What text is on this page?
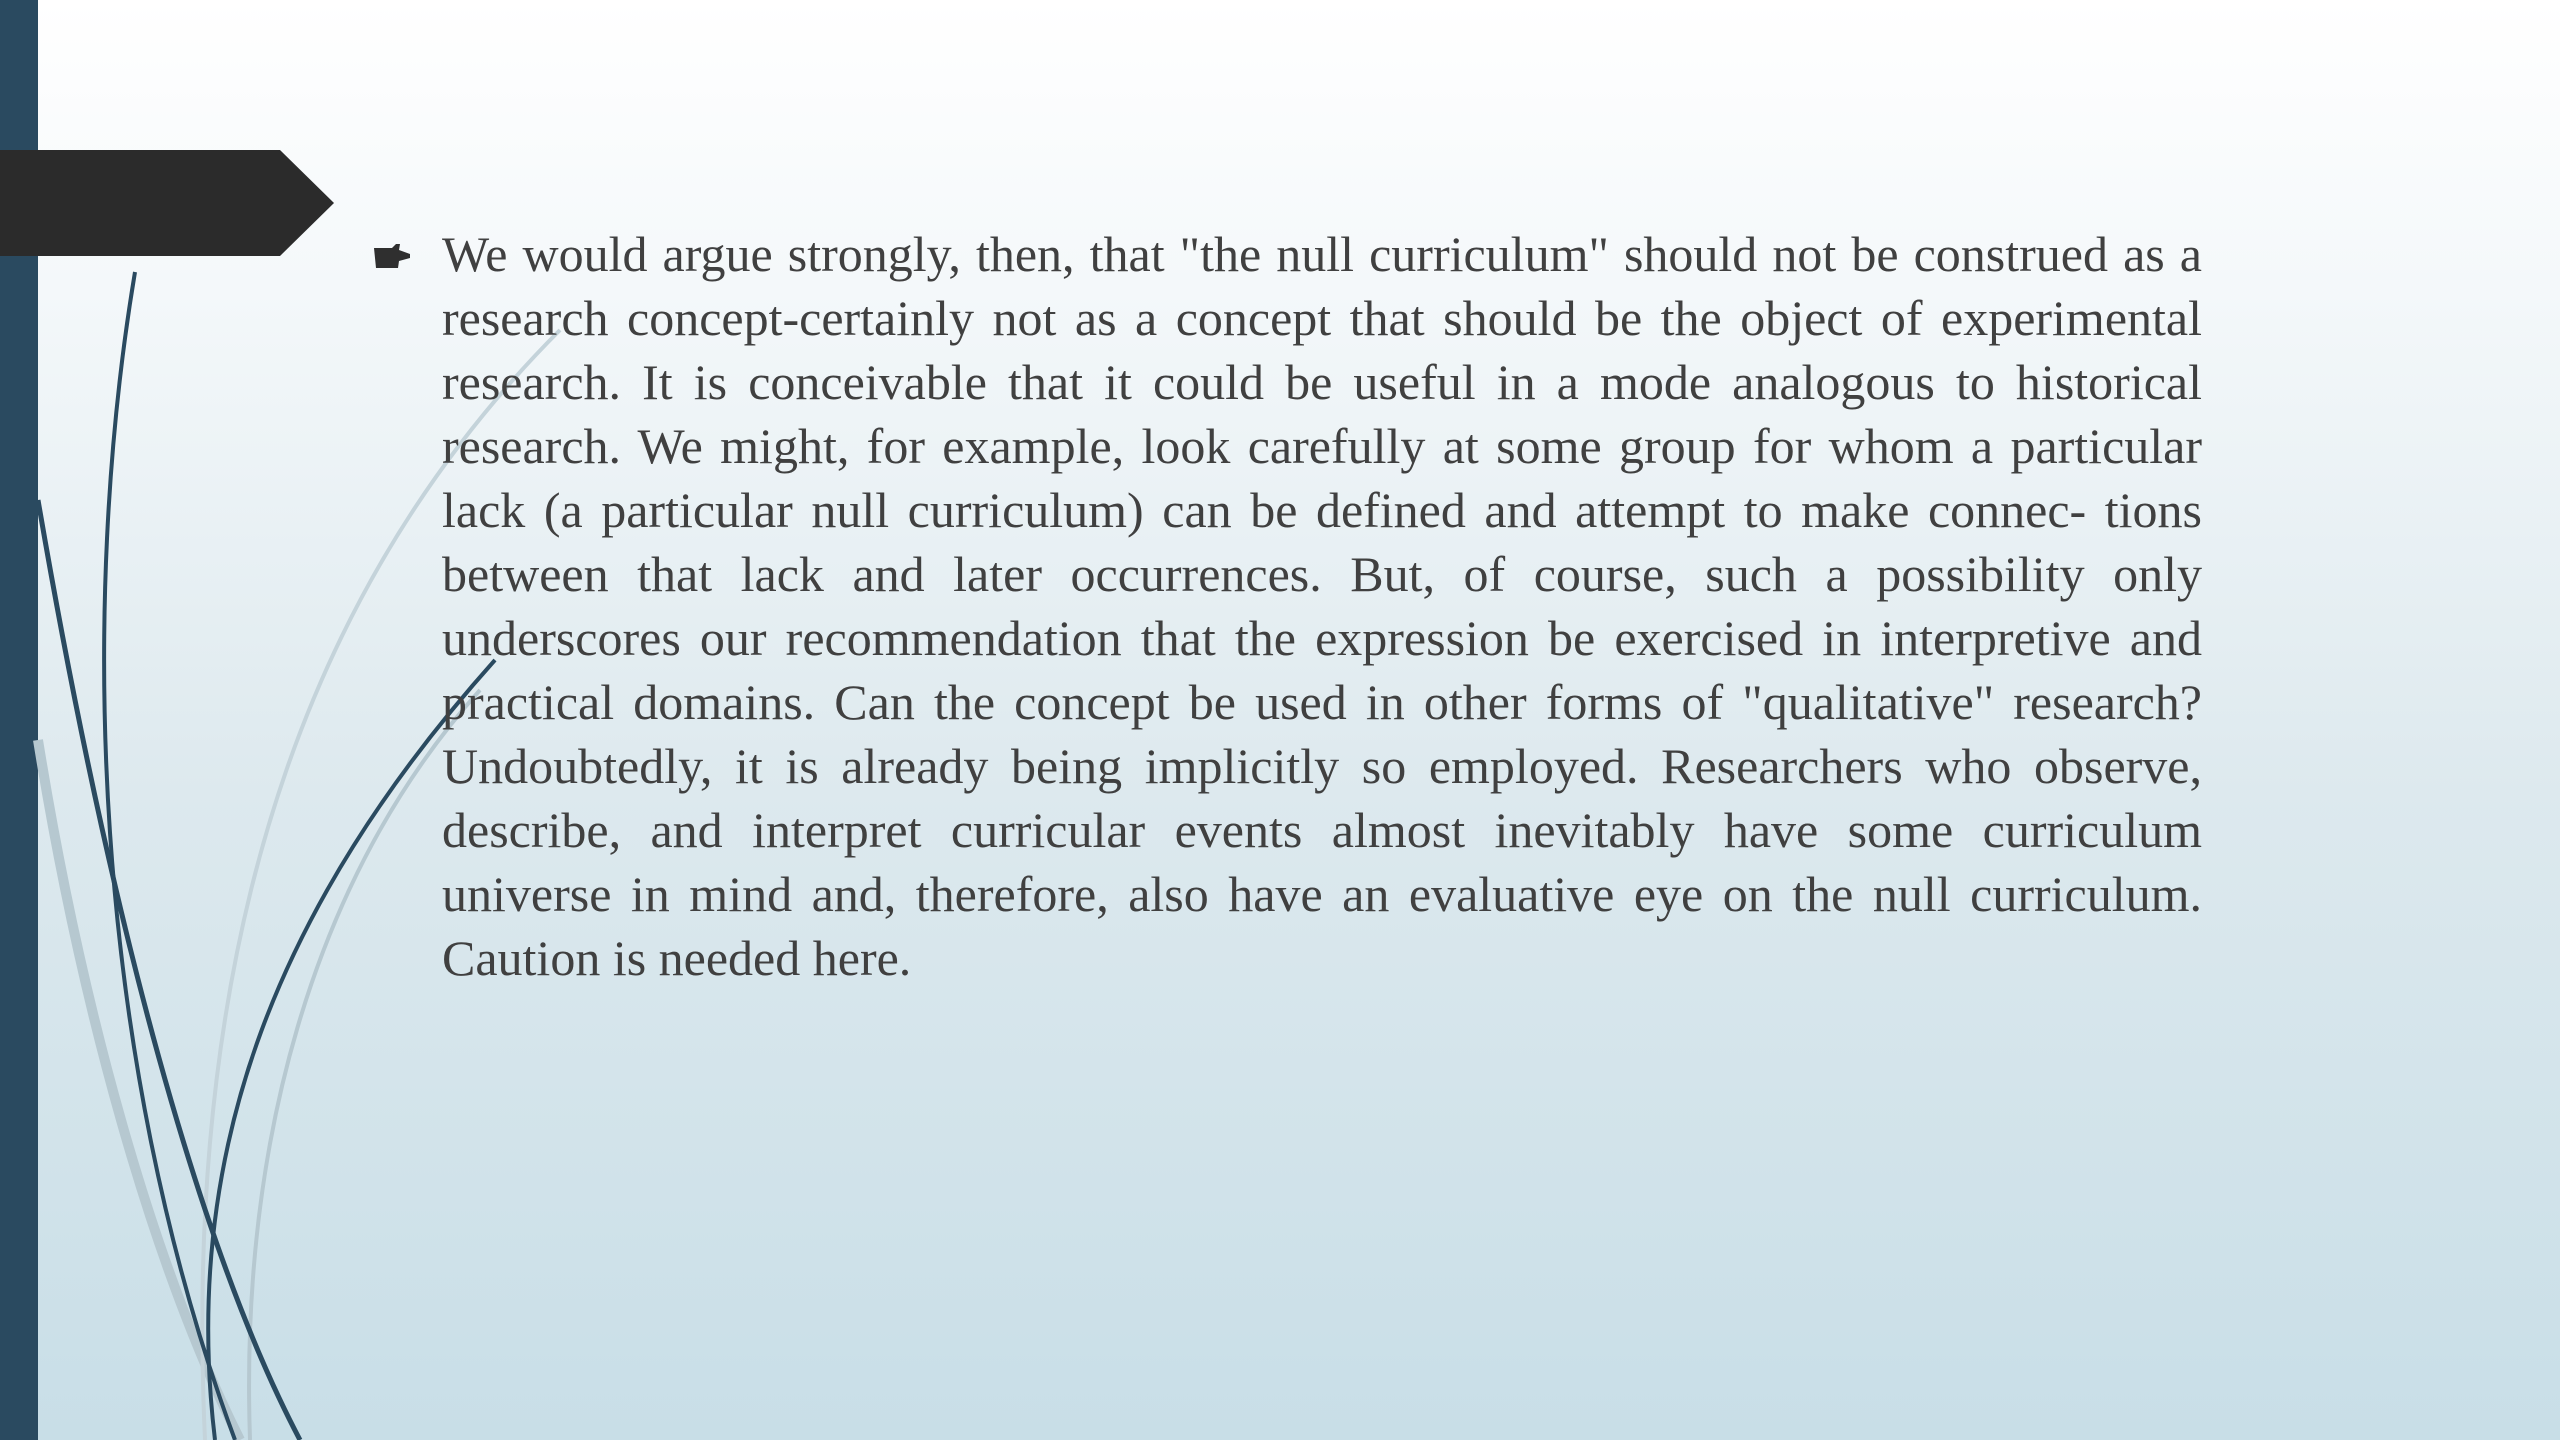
We would argue strongly, then, that "the null curriculum" should not be construed as a research concept-certainly not as a concept that should be the object of experimental research. It is conceivable that it could be useful in a mode analogous to historical research. We might, for example, look carefully at some group for whom a particular lack (a particular null curriculum) can be defined and attempt to make connec- tions between that lack and later occurrences. But, of course, such a possibility only underscores our recommendation that the expression be exercised in interpretive and practical domains. Can the concept be used in other forms of "qualitative" research? Undoubtedly, it is already being implicitly so employed. Researchers who observe, describe, and interpret curricular events almost inevitably have some curriculum universe in mind and, therefore, also have an evaluative eye on the null curriculum. Caution is needed here.
